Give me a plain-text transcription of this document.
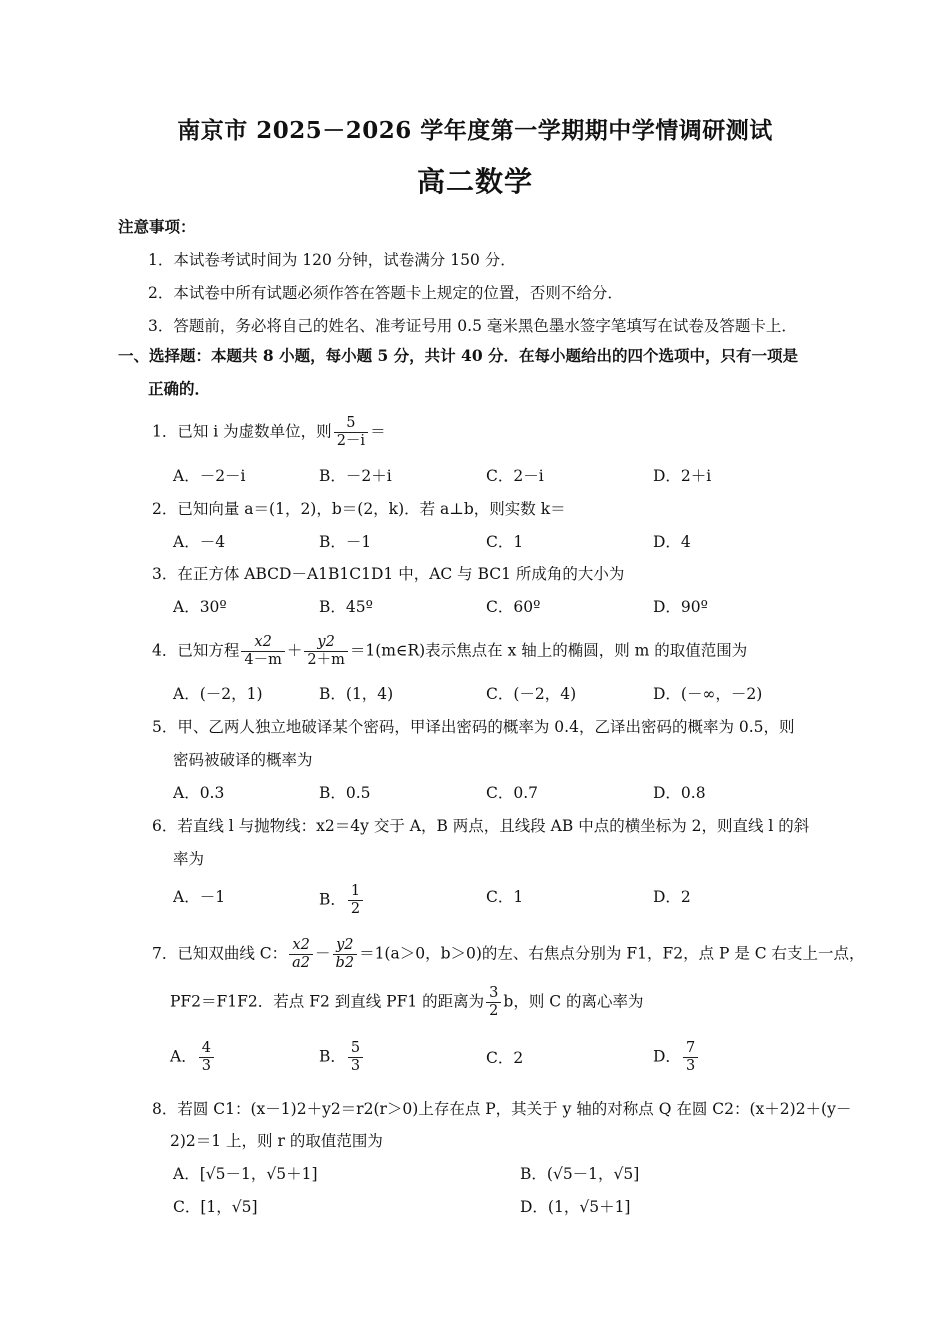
南京市 2025－2026 学年度第一学期期中学情调研测试
高二数学
注意事项：
1．本试卷考试时间为 120 分钟，试卷满分 150 分．
2．本试卷中所有试题必须作答在答题卡上规定的位置，否则不给分．
3．答题前，务必将自己的姓名、准考证号用 0.5 毫米黑色墨水签字笔填写在试卷及答题卡上．
一、选择题：本题共 8 小题，每小题 5 分，共计 40 分．在每小题给出的四个选项中，只有一项是
正确的．
1．已知 i 为虚数单位，则 $\frac{5}{2-i}$ ＝
A．－2－i	B．－2＋i	C．2－i	D．2＋i
2．已知向量 a＝(1，2)，b＝(2，k)．若 a⊥b，则实数 k＝
A．－4	B．－1	C．1	D．4
3．在正方体 ABCD－A1B1C1D1 中，AC 与 BC1 所成角的大小为
A．30º	B．45º	C．60º	D．90º
4．已知方程 $\frac{x2}{4-m} + \frac{y2}{2+m}$ ＝1(m∈R)表示焦点在 x 轴上的椭圆，则 m 的取值范围为
A．(－2，1)	B．(1，4)	C．(－2，4)	D．(－∞，－2)
5．甲、乙两人独立地破译某个密码，甲译出密码的概率为 0.4，乙译出密码的概率为 0.5，则
密码被破译的概率为
A．0.3	B．0.5	C．0.7	D．0.8
6．若直线 l 与抛物线：x2＝4y 交于 A，B 两点，且线段 AB 中点的横坐标为 2，则直线 l 的斜
率为
A．－1	B． $\frac{1}{2}$	C．1	D．2
7．已知双曲线 C： $\frac{x2}{a2} - \frac{y2}{b2} =1(a>0$，b＞0)的左、右焦点分别为 F1，F2，点 P 是 C 右支上一点，
PF2＝F1F2．若点 F2 到直线 PF1 的距离为 $\frac{3}{2}$ b，则 C 的离心率为
A． $\frac{4}{3}$	B． $\frac{5}{3}$	C．2	D． $\frac{7}{3}$
8．若圆 C1：(x－1)2＋y2＝r2(r＞0)上存在点 P，其关于 y 轴的对称点 Q 在圆 C2：(x＋2)2＋(y－
2)2＝1 上，则 r 的取值范围为
A．[√5－1，√5＋1]	B．(√5－1，√5]
C．[1，√5]	D．(1，√5＋1]
